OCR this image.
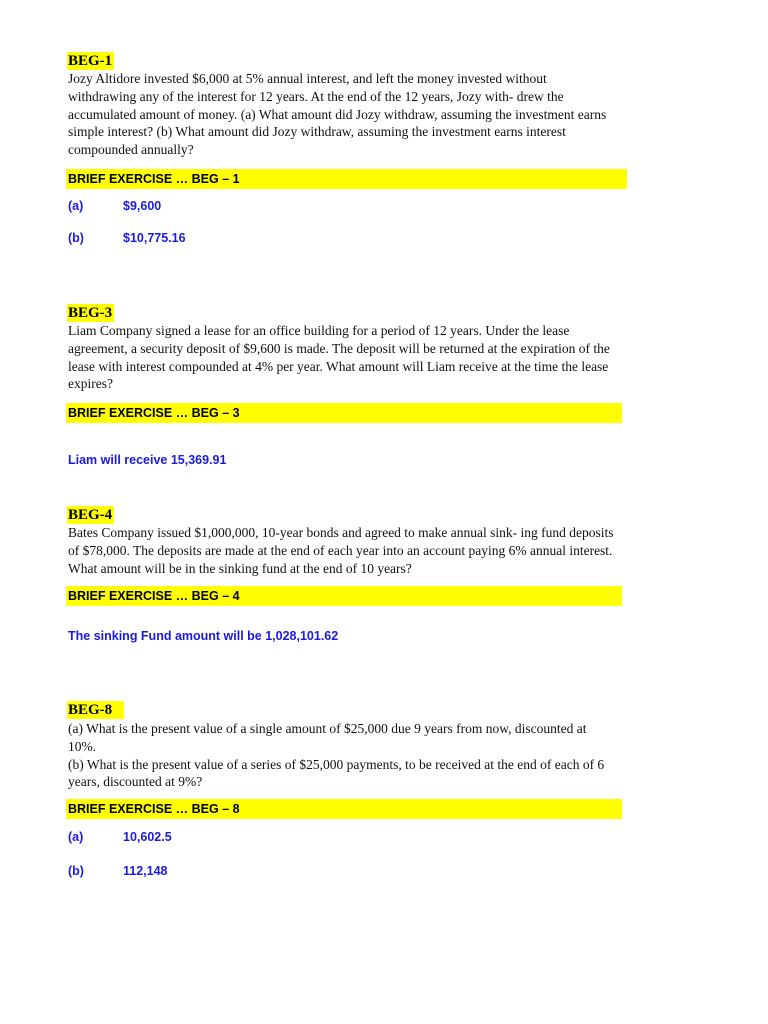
BEG-1

Jozy Altidore invested $6,000 at 5% annual interest, and left the money invested without

withdrawing any of the interest for 12 years. At the end of the 12 years, Jozy with- drew the

accumulated amount of money. (a) What amount did Jozy withdraw, assuming the investment earns

simple interest? (b) What amount did Jozy withdraw, assuming the investment earns interest

compounded annually?

BRIEF EXERCISE … BEG – 1
(a)	$9,600
(b)	$10,775.16
BEG-3

Liam Company signed a lease for an office building for a period of 12 years. Under the lease

agreement, a security deposit of $9,600 is made. The deposit will be returned at the expiration of the

lease with interest compounded at 4% per year. What amount will Liam receive at the time the lease

expires?

BRIEF EXERCISE … BEG – 3
Liam will receive 15,369.91
BEG-4

Bates Company issued $1,000,000, 10-year bonds and agreed to make annual sink- ing fund deposits

of $78,000. The deposits are made at the end of each year into an account paying 6% annual interest.

What amount will be in the sinking fund at the end of 10 years?

BRIEF EXERCISE … BEG – 4
The sinking Fund amount will be 1,028,101.62
BEG-8

(a) What is the present value of a single amount of $25,000 due 9 years from now, discounted at

10%.

(b) What is the present value of a series of $25,000 payments, to be received at the end of each of 6

years, discounted at 9%?

BRIEF EXERCISE … BEG – 8
(a)	10,602.5
(b)	112,148
